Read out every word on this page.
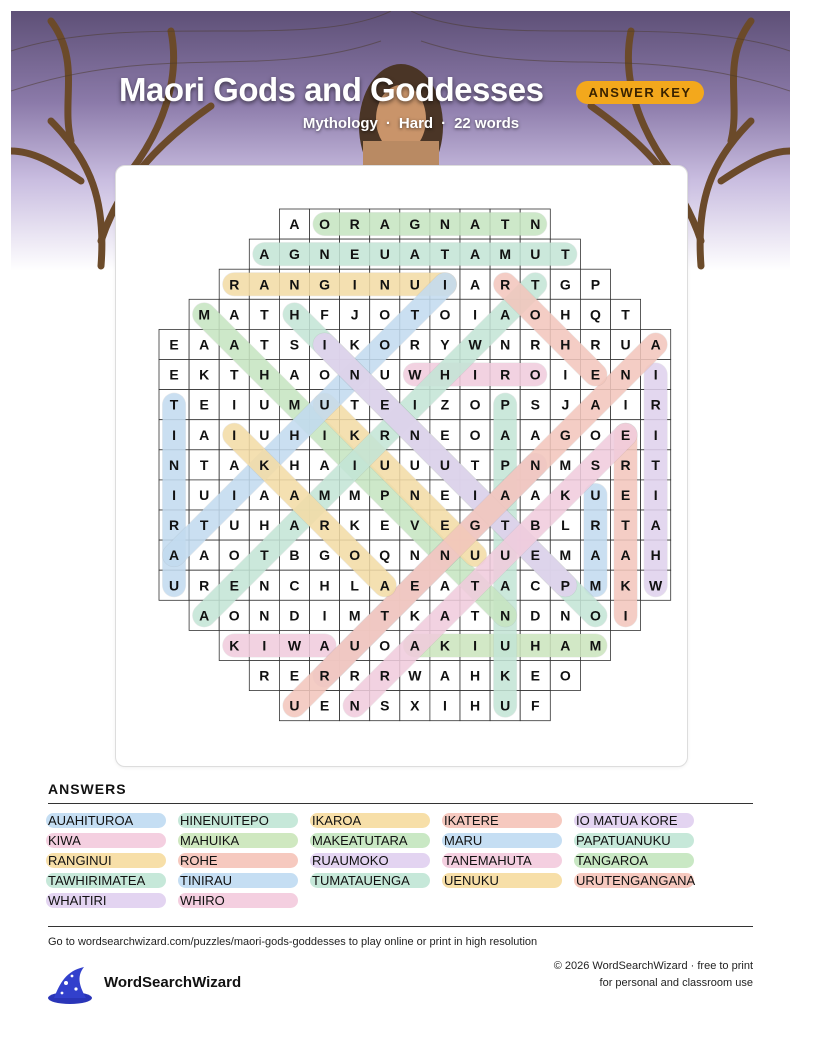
Maori Gods and Goddesses	ANSWER KEY
Mythology · Hard · 22 words
A O R A G N A T N
A G N E U A T A M U T
R A N G I N U I A R T G P
M A T H F J O T O I A O H Q T
E A A T S I K O R Y W N R H R U A
E K T H A O N U W H I R O I E N I
T E I U M U T E I Z O P S J A I R
I A I U H I K R N E O A A G O E I
N T A K H A I U U U T P N M S R T
I U I A A M M P N E I A A K U E I
R T U H A R K E V E G T B L R T A
A A O T B G O Q N N U U E M A A H
U R E N C H L A E A T A C P M K W
A O N D I M T K A T N D N O I
K I W A U O A K I U H A M
R E R R R W A H K E O
U E N S X I H U F
ANSWERS
AUAHITUROA	HINENUITEPO	IKAROA	IKATERE	IO MATUA KORE
KIWA	MAHUIKA	MAKEATUTARA	MARU	PAPATUANUKU
RANGINUI	ROHE	RUAUMOKO	TANEMAHUTA	TANGAROA
TAWHIRIMATEA	TINIRAU	TUMATAUENGA	UENUKU	URUTENGANGANA
WHAITIRI	WHIRO
Go to wordsearchwizard.com/puzzles/maori-gods-goddesses to play online or print in high resolution
WordSearchWizard
© 2026 WordSearchWizard · free to print for personal and classroom use
